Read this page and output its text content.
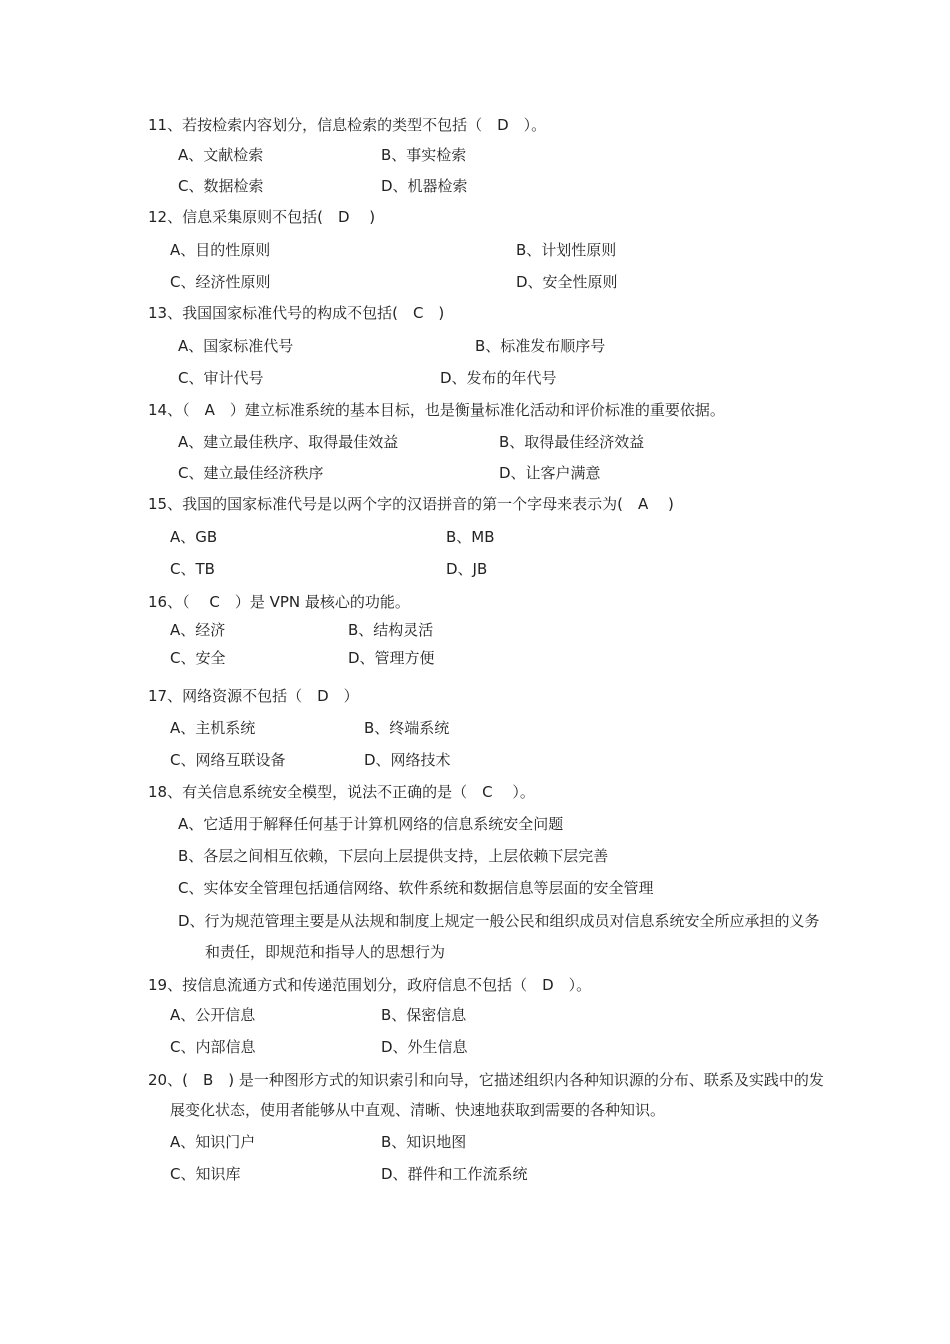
11、若按检索内容划分，信息检索的类型不包括（　D　）。
A、文献检索	B、事实检索
C、数据检索	D、机器检索
12、信息采集原则不包括(　D　 )
A、目的性原则	B、计划性原则
C、经济性原则	D、安全性原则
13、我国国家标准代号的构成不包括(　C　)
A、国家标准代号	B、标准发布顺序号
C、审计代号	D、发布的年代号
14、（　A　）建立标准系统的基本目标，也是衡量标准化活动和评价标准的重要依据。
A、建立最佳秩序、取得最佳效益	B、取得最佳经济效益
C、建立最佳经济秩序	D、让客户满意
15、我国的国家标准代号是以两个字的汉语拼音的第一个字母来表示为(　A　 )
A、GB	B、MB
C、TB	D、JB
16、（　 C　）是 VPN 最核心的功能。
A、经济	B、结构灵活
C、安全	D、管理方便
17、网络资源不包括（　D　）
A、主机系统	B、终端系统
C、网络互联设备	D、网络技术
18、有关信息系统安全模型，说法不正确的是（　C　 ）。
A、它适用于解释任何基于计算机网络的信息系统安全问题
B、各层之间相互依赖，下层向上层提供支持，上层依赖下层完善
C、实体安全管理包括通信网络、软件系统和数据信息等层面的安全管理
D、行为规范管理主要是从法规和制度上规定一般公民和组织成员对信息系统安全所应承担的义务
和责任，即规范和指导人的思想行为
19、按信息流通方式和传递范围划分，政府信息不包括（　D　）。
A、公开信息	B、保密信息
C、内部信息	D、外生信息
20、(　B　) 是一种图形方式的知识索引和向导，它描述组织内各种知识源的分布、联系及实践中的发
展变化状态，使用者能够从中直观、清晰、快速地获取到需要的各种知识。
A、知识门户	B、知识地图
C、知识库	D、群件和工作流系统
